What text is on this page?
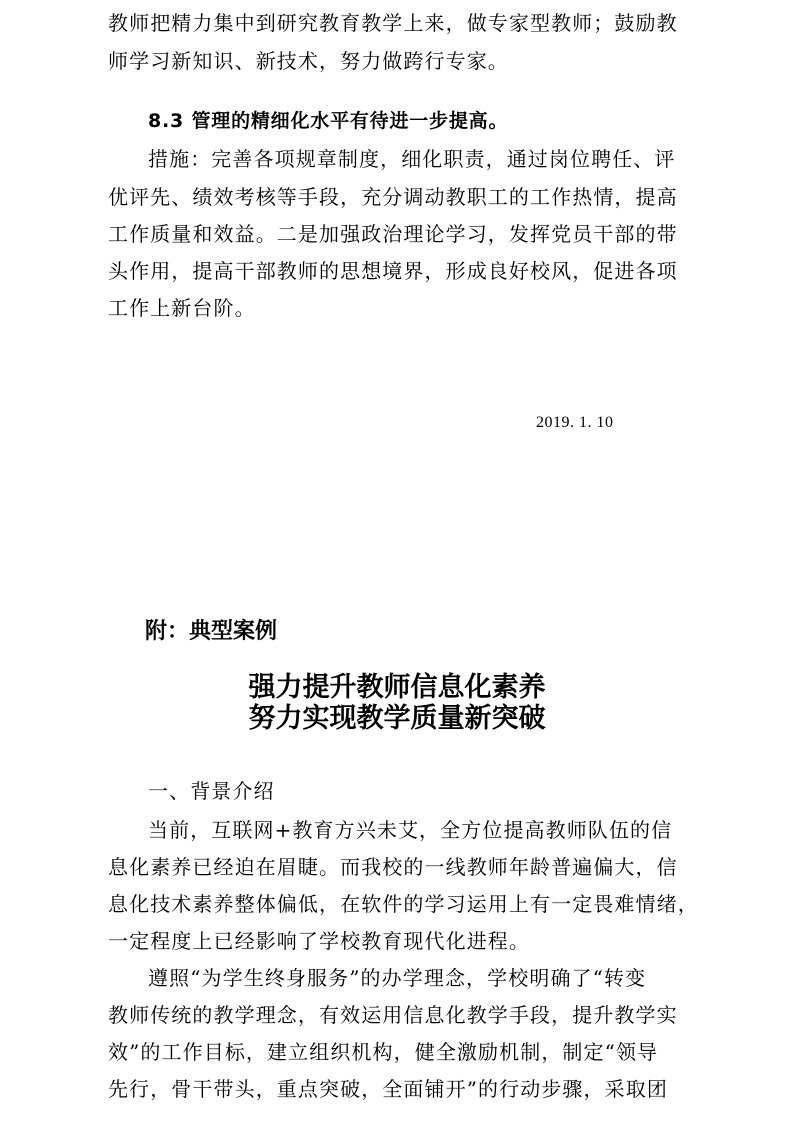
教师把精力集中到研究教育教学上来，做专家型教师；鼓励教
师学习新知识、新技术，努力做跨行专家。
8.3 管理的精细化水平有待进一步提高。
措施：完善各项规章制度，细化职责，通过岗位聘任、评
优评先、绩效考核等手段，充分调动教职工的工作热情，提高
工作质量和效益。二是加强政治理论学习，发挥党员干部的带
头作用，提高干部教师的思想境界，形成良好校风，促进各项
工作上新台阶。
2019. 1. 10
附：典型案例
强力提升教师信息化素养
努力实现教学质量新突破
一、背景介绍
当前，互联网+教育方兴未艾，全方位提高教师队伍的信
息化素养已经迫在眉睫。而我校的一线教师年龄普遍偏大，信
息化技术素养整体偏低，在软件的学习运用上有一定畏难情绪，
一定程度上已经影响了学校教育现代化进程。
遵照“为学生终身服务”的办学理念，学校明确了“转变
教师传统的教学理念，有效运用信息化教学手段，提升教学实
效”的工作目标，建立组织机构，健全激励机制，制定“领导
先行，骨干带头，重点突破，全面铺开”的行动步骤，采取团
